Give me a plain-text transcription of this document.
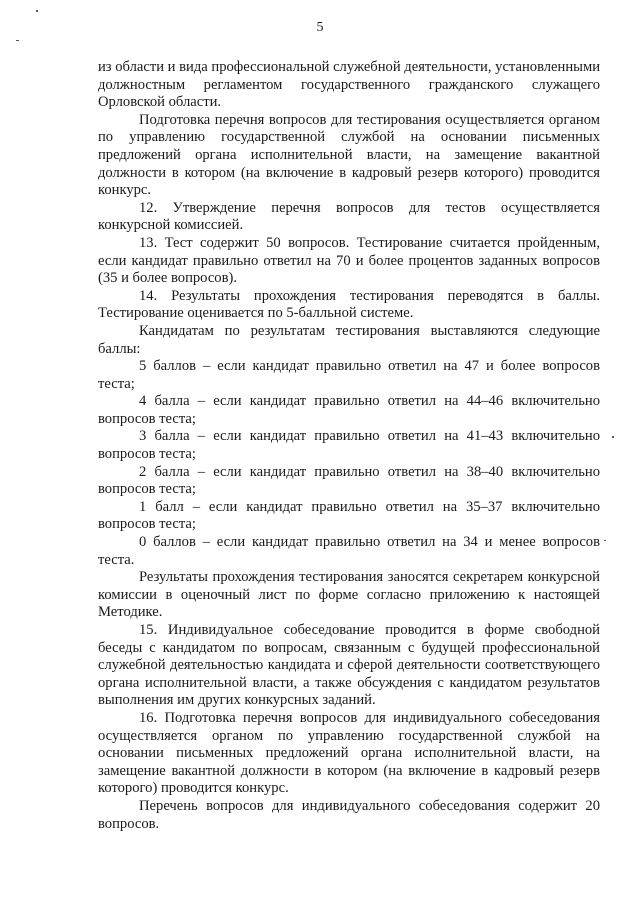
5

из области и вида профессиональной служебной деятельности, установленными должностным регламентом государственного гражданского служащего Орловской области.

Подготовка перечня вопросов для тестирования осуществляется органом по управлению государственной службой на основании письменных предложений органа исполнительной власти, на замещение вакантной должности в котором (на включение в кадровый резерв которого) проводится конкурс.

12. Утверждение перечня вопросов для тестов осуществляется конкурсной комиссией.

13. Тест содержит 50 вопросов. Тестирование считается пройденным, если кандидат правильно ответил на 70 и более процентов заданных вопросов (35 и более вопросов).

14. Результаты прохождения тестирования переводятся в баллы. Тестирование оценивается по 5-балльной системе.

Кандидатам по результатам тестирования выставляются следующие баллы:

5 баллов – если кандидат правильно ответил на 47 и более вопросов теста;

4 балла – если кандидат правильно ответил на 44–46 включительно вопросов теста;

3 балла – если кандидат правильно ответил на 41–43 включительно вопросов теста;

2 балла – если кандидат правильно ответил на 38–40 включительно вопросов теста;

1 балл – если кандидат правильно ответил на 35–37 включительно вопросов теста;

0 баллов – если кандидат правильно ответил на 34 и менее вопросов теста.

Результаты прохождения тестирования заносятся секретарем конкурсной комиссии в оценочный лист по форме согласно приложению к настоящей Методике.

15. Индивидуальное собеседование проводится в форме свободной беседы с кандидатом по вопросам, связанным с будущей профессиональной служебной деятельностью кандидата и сферой деятельности соответствующего органа исполнительной власти, а также обсуждения с кандидатом результатов выполнения им других конкурсных заданий.

16. Подготовка перечня вопросов для индивидуального собеседования осуществляется органом по управлению государственной службой на основании письменных предложений органа исполнительной власти, на замещение вакантной должности в котором (на включение в кадровый резерв которого) проводится конкурс.

Перечень вопросов для индивидуального собеседования содержит 20 вопросов.
